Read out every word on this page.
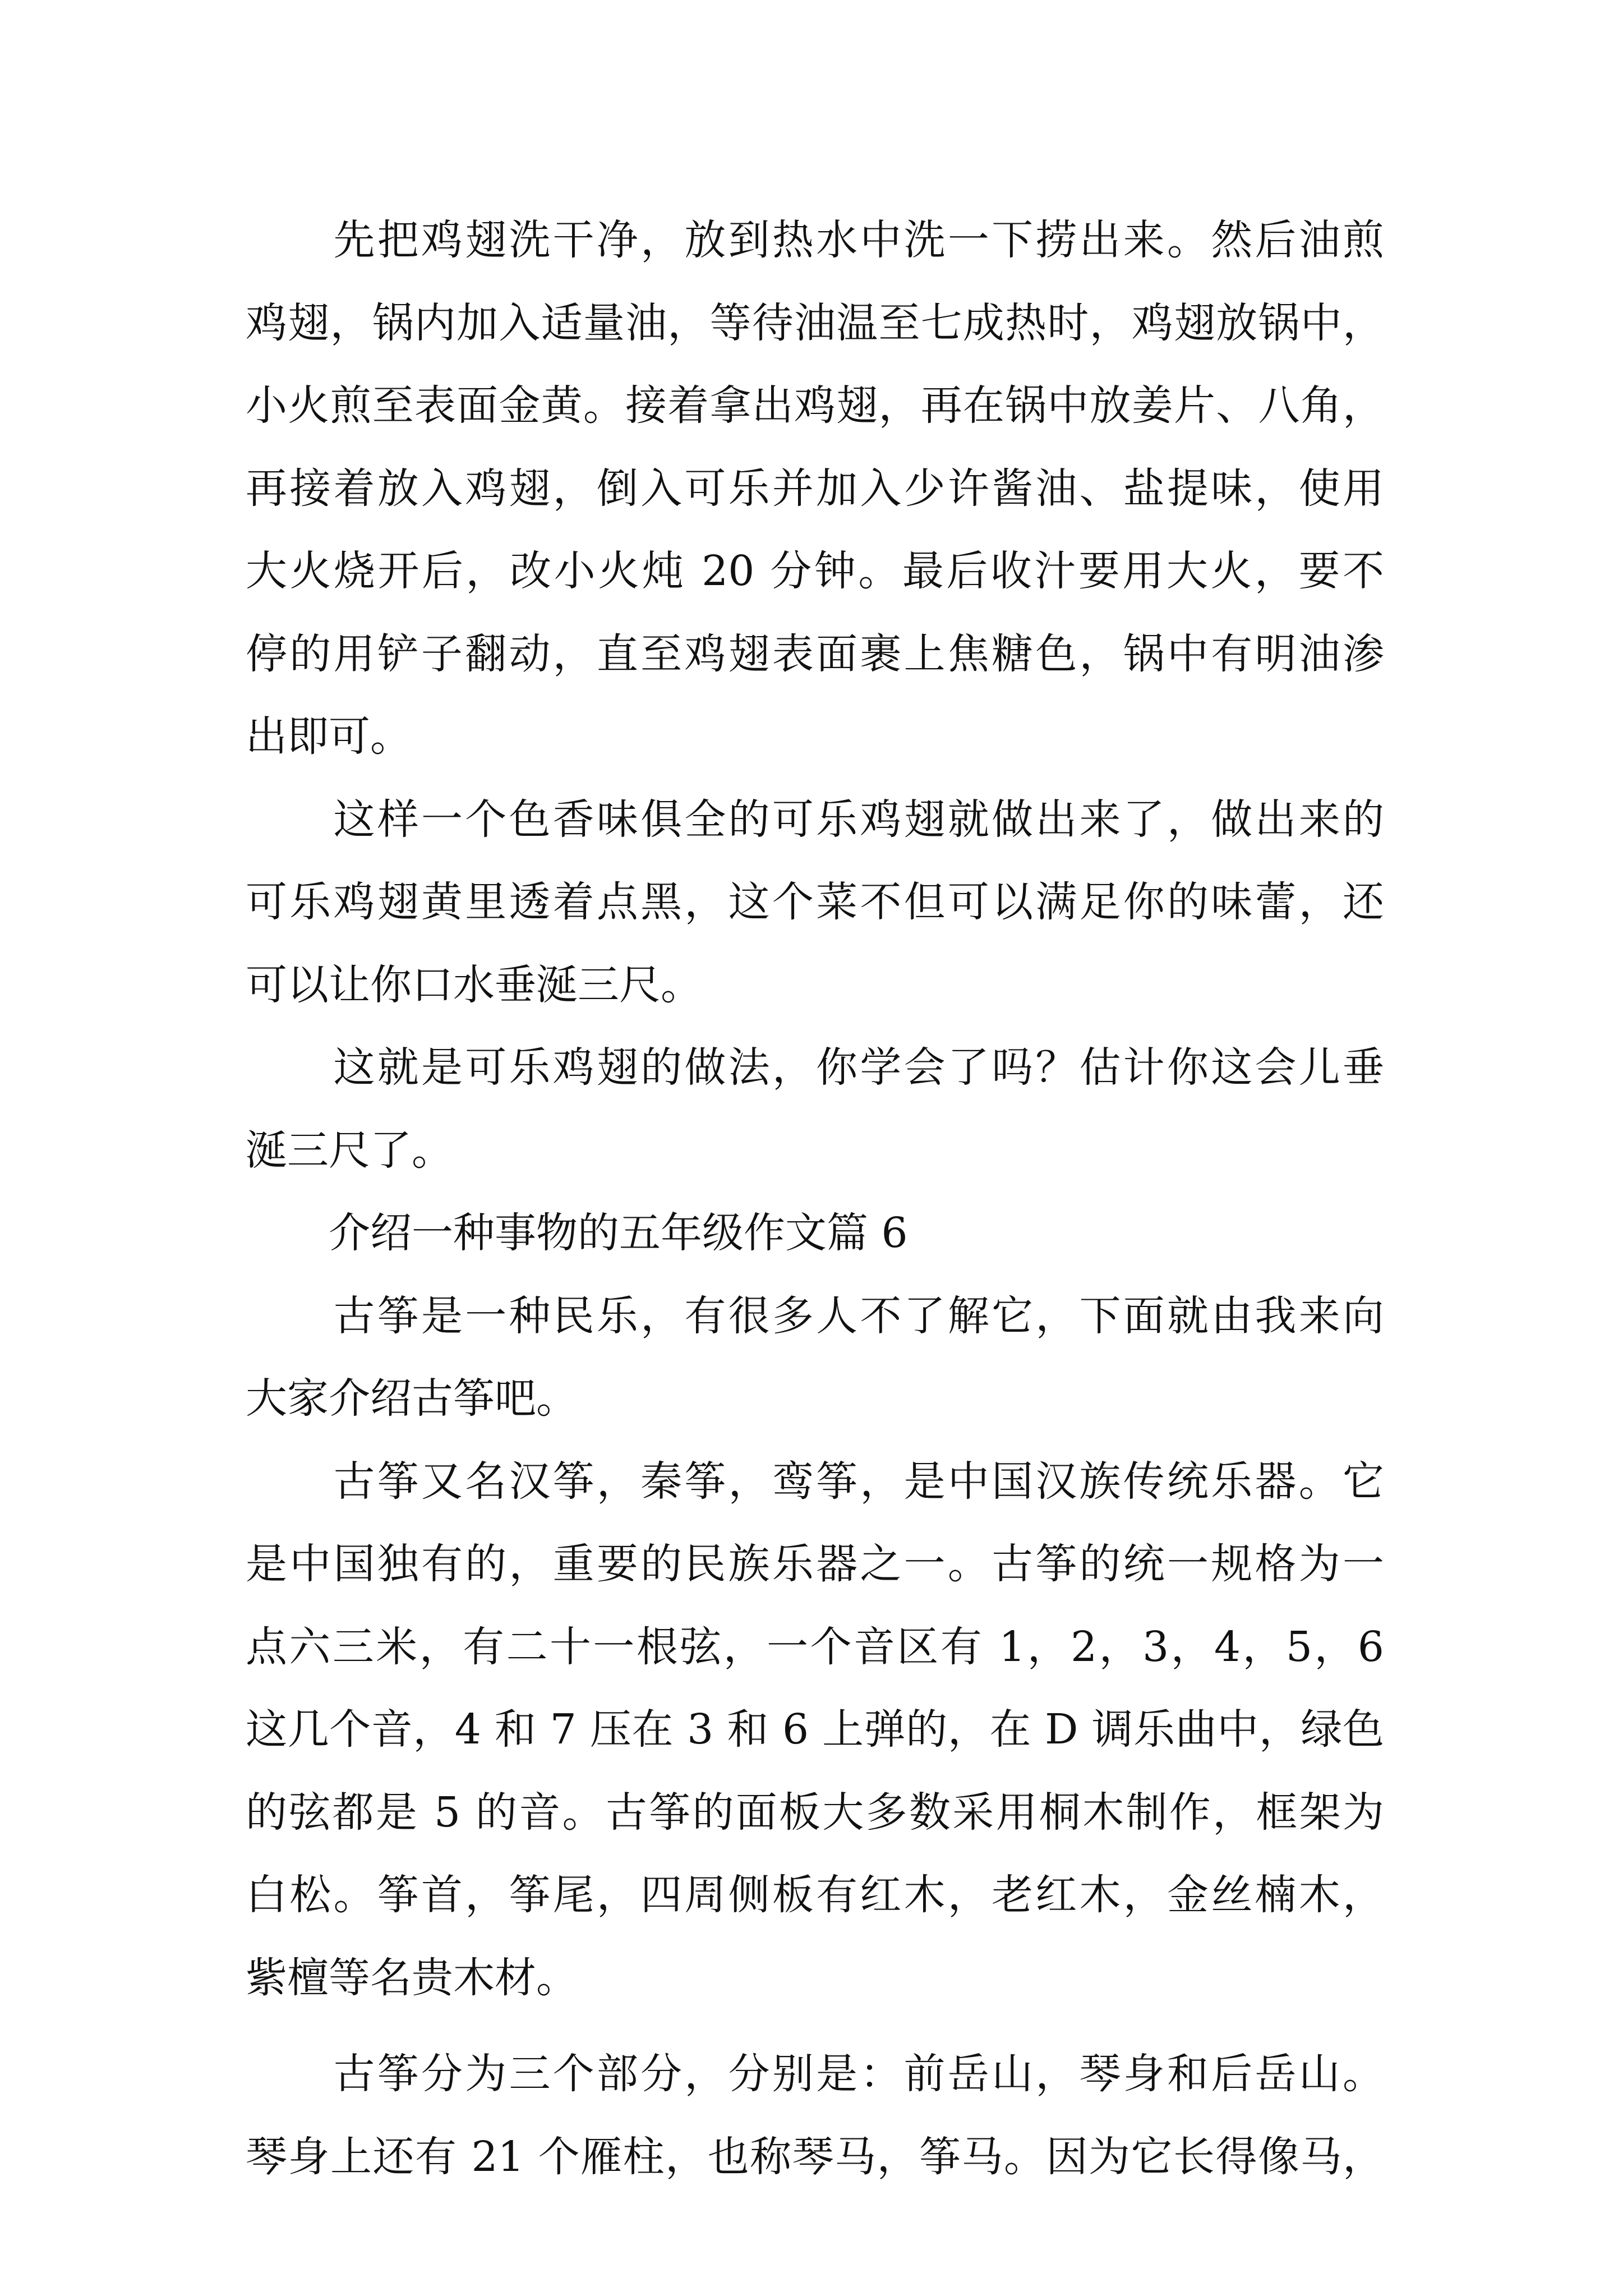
　　先把鸡翅洗干净，放到热水中洗一下捞出来。然后油煎
鸡翅，锅内加入适量油，等待油温至七成热时，鸡翅放锅中，
小火煎至表面金黄。接着拿出鸡翅，再在锅中放姜片、八角，
再接着放入鸡翅，倒入可乐并加入少许酱油、盐提味，使用
大火烧开后，改小火炖 20 分钟。最后收汁要用大火，要不
停的用铲子翻动，直至鸡翅表面裹上焦糖色，锅中有明油渗
出即可。
　　这样一个色香味俱全的可乐鸡翅就做出来了，做出来的
可乐鸡翅黄里透着点黑，这个菜不但可以满足你的味蕾，还
可以让你口水垂涎三尺。
　　这就是可乐鸡翅的做法，你学会了吗？估计你这会儿垂
涎三尺了。
　　介绍一种事物的五年级作文篇 6
　　古筝是一种民乐，有很多人不了解它，下面就由我来向
大家介绍古筝吧。
　　古筝又名汉筝，秦筝，鸾筝，是中国汉族传统乐器。它
是中国独有的，重要的民族乐器之一。古筝的统一规格为一
点六三米，有二十一根弦，一个音区有 1，2，3，4，5，6
这几个音，4 和 7 压在 3 和 6 上弹的，在 D 调乐曲中，绿色
的弦都是 5 的音。古筝的面板大多数采用桐木制作，框架为
白松。筝首，筝尾，四周侧板有红木，老红木，金丝楠木，
紫檀等名贵木材。
　　古筝分为三个部分，分别是：前岳山，琴身和后岳山。
琴身上还有 21 个雁柱，也称琴马，筝马。因为它长得像马，
